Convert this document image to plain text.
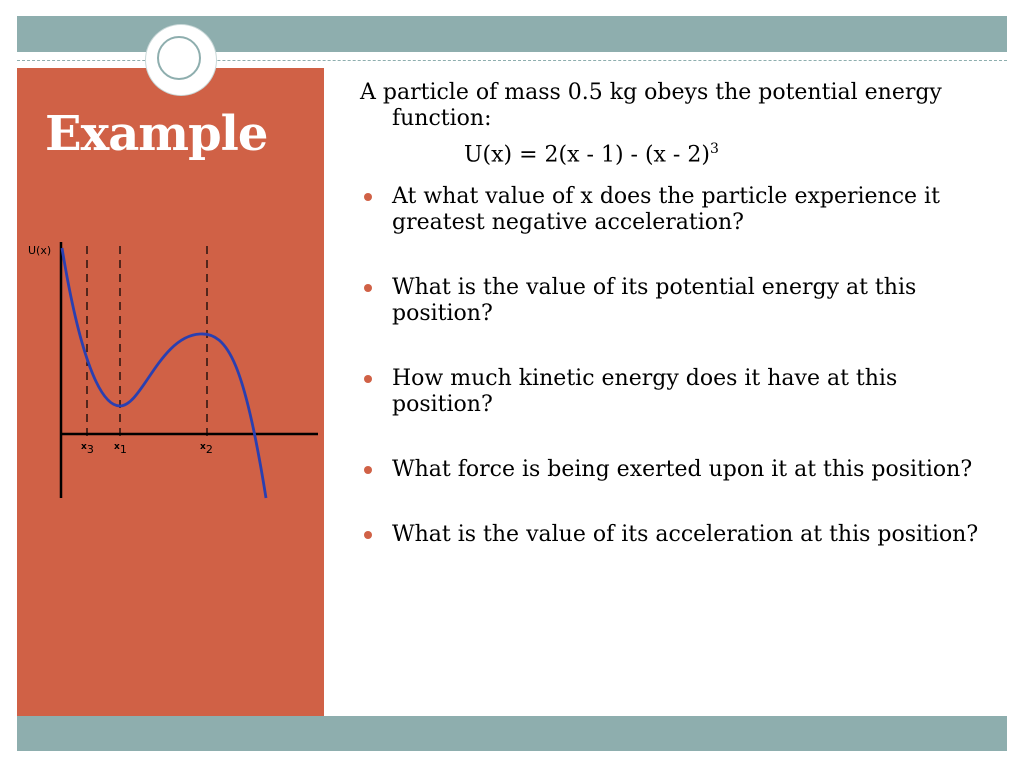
Example
U(x)
x3 x1	x2

A particle of mass 0.5 kg obeys the potential energy
function:

U(x) = 2(x - 1) - (x - 2)$^3$

At what value of x does the particle experience it greatest negative acceleration?
What is the value of its potential energy at this position?
How much kinetic energy does it have at this position?
What force is being exerted upon it at this position?
What is the value of its acceleration at this position?
